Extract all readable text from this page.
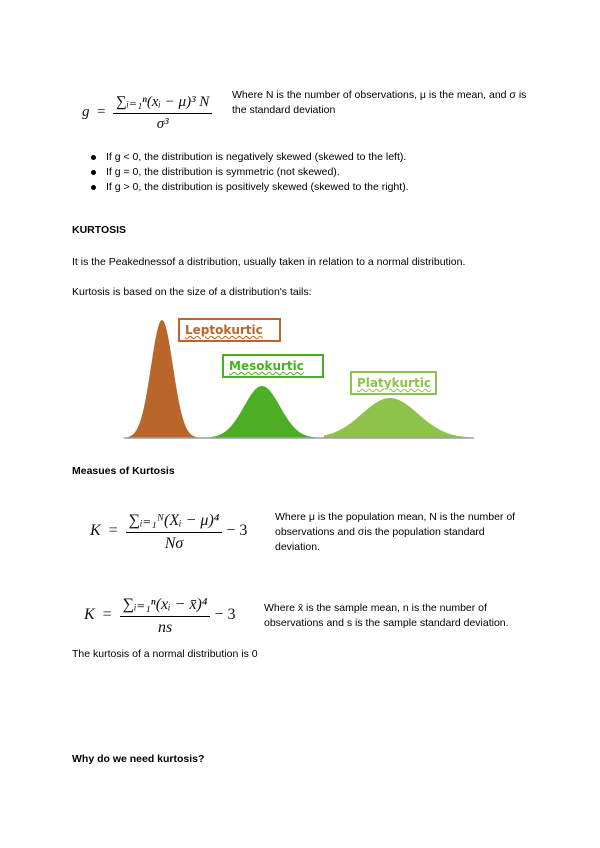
$g = \frac{\text{∑ᵢ₌₁ⁿ(xᵢ − μ)³ N}}{\text{σ³}}$ Where N is the number of observations, μ is the mean, and σ is the standard deviation
If g < 0, the distribution is negatively skewed (skewed to the left).
If g = 0, the distribution is symmetric (not skewed).
If g > 0, the distribution is positively skewed (skewed to the right).
KURTOSIS
It is the Peakednessof a distribution, usually taken in relation to a normal distribution.
Kurtosis is based on the size of a distribution's tails:
Leptokurtic
Mesokurtic
Platykurtic
Measues of Kurtosis
$K = \frac{\text{∑ᵢ₌₁ᴺ(Xᵢ − μ)⁴}}{N\sigma} - 3$
Where μ is the population mean, N is the number of observations and σis the population standard deviation.
$K = \frac{\text{∑ᵢ₌₁ⁿ(xᵢ − x̄)⁴}}{ns} - 3$	Where x̄ is the sample mean, n is the number of observations and s is the sample standard deviation.
The kurtosis of a normal distribution is 0
Why do we need kurtosis?
